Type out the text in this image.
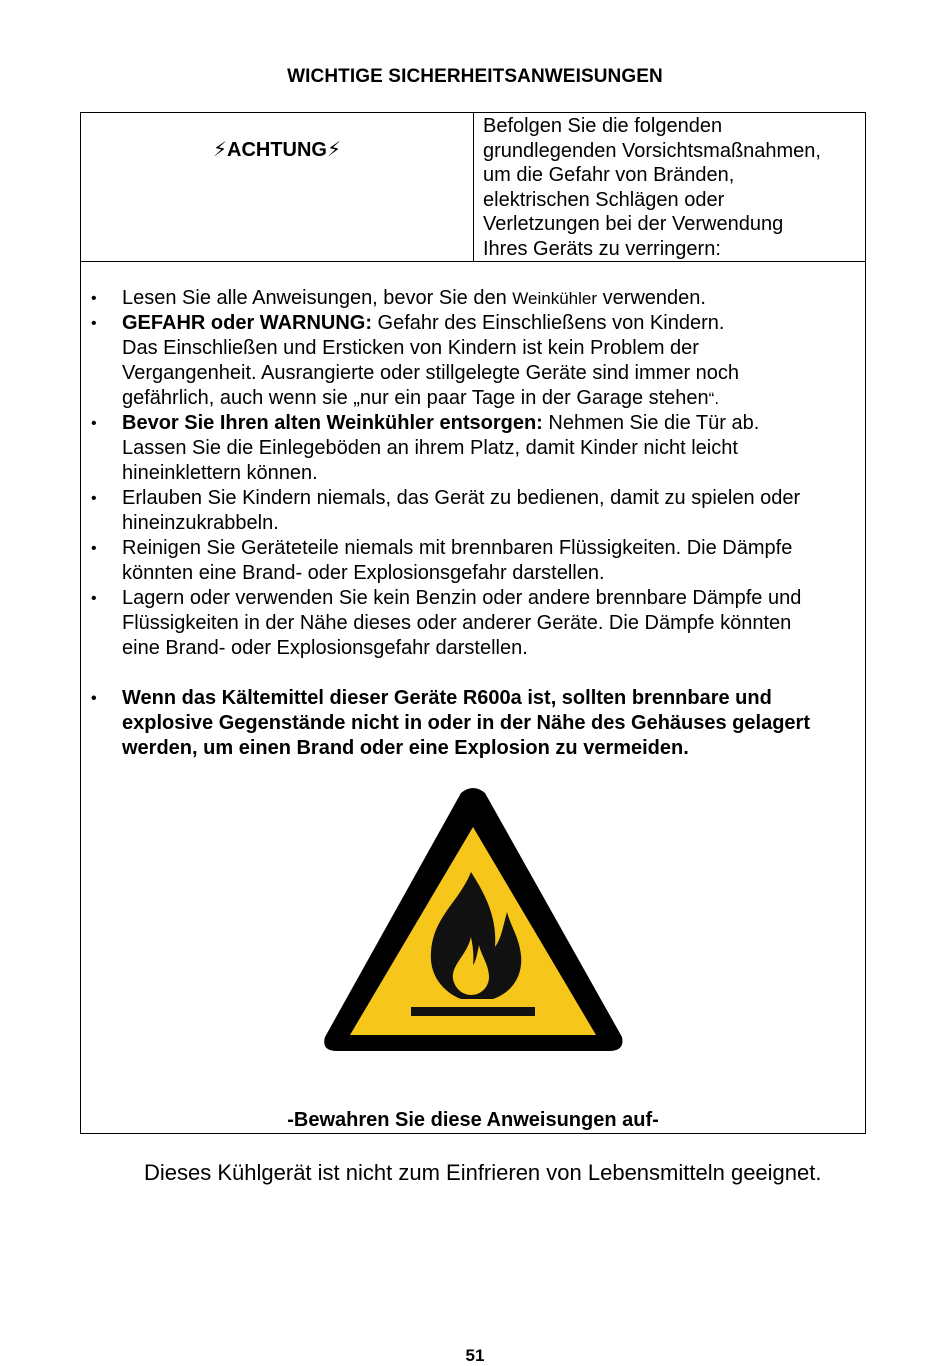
WICHTIGE SICHERHEITSANWEISUNGEN
⚡ACHTUNG⚡
Befolgen Sie die folgenden
grundlegenden Vorsichtsmaßnahmen,
um die Gefahr von Bränden,
elektrischen Schlägen oder
Verletzungen bei der Verwendung
Ihres Geräts zu verringern:
• Lesen Sie alle Anweisungen, bevor Sie den Weinkühler verwenden.
• GEFAHR oder WARNUNG: Gefahr des Einschließens von Kindern.
Das Einschließen und Ersticken von Kindern ist kein Problem der
Vergangenheit. Ausrangierte oder stillgelegte Geräte sind immer noch
gefährlich, auch wenn sie „nur ein paar Tage in der Garage stehen“.
• Bevor Sie Ihren alten Weinkühler entsorgen: Nehmen Sie die Tür ab.
Lassen Sie die Einlegeböden an ihrem Platz, damit Kinder nicht leicht
hineinklettern können.
• Erlauben Sie Kindern niemals, das Gerät zu bedienen, damit zu spielen oder
hineinzukrabbeln.
• Reinigen Sie Geräteteile niemals mit brennbaren Flüssigkeiten. Die Dämpfe
könnten eine Brand- oder Explosionsgefahr darstellen.
• Lagern oder verwenden Sie kein Benzin oder andere brennbare Dämpfe und
Flüssigkeiten in der Nähe dieses oder anderer Geräte. Die Dämpfe könnten
eine Brand- oder Explosionsgefahr darstellen.
• Wenn das Kältemittel dieser Geräte R600a ist, sollten brennbare und
explosive Gegenstände nicht in oder in der Nähe des Gehäuses gelagert
werden, um einen Brand oder eine Explosion zu vermeiden.
-Bewahren Sie diese Anweisungen auf-
Dieses Kühlgerät ist nicht zum Einfrieren von Lebensmitteln geeignet.
51
